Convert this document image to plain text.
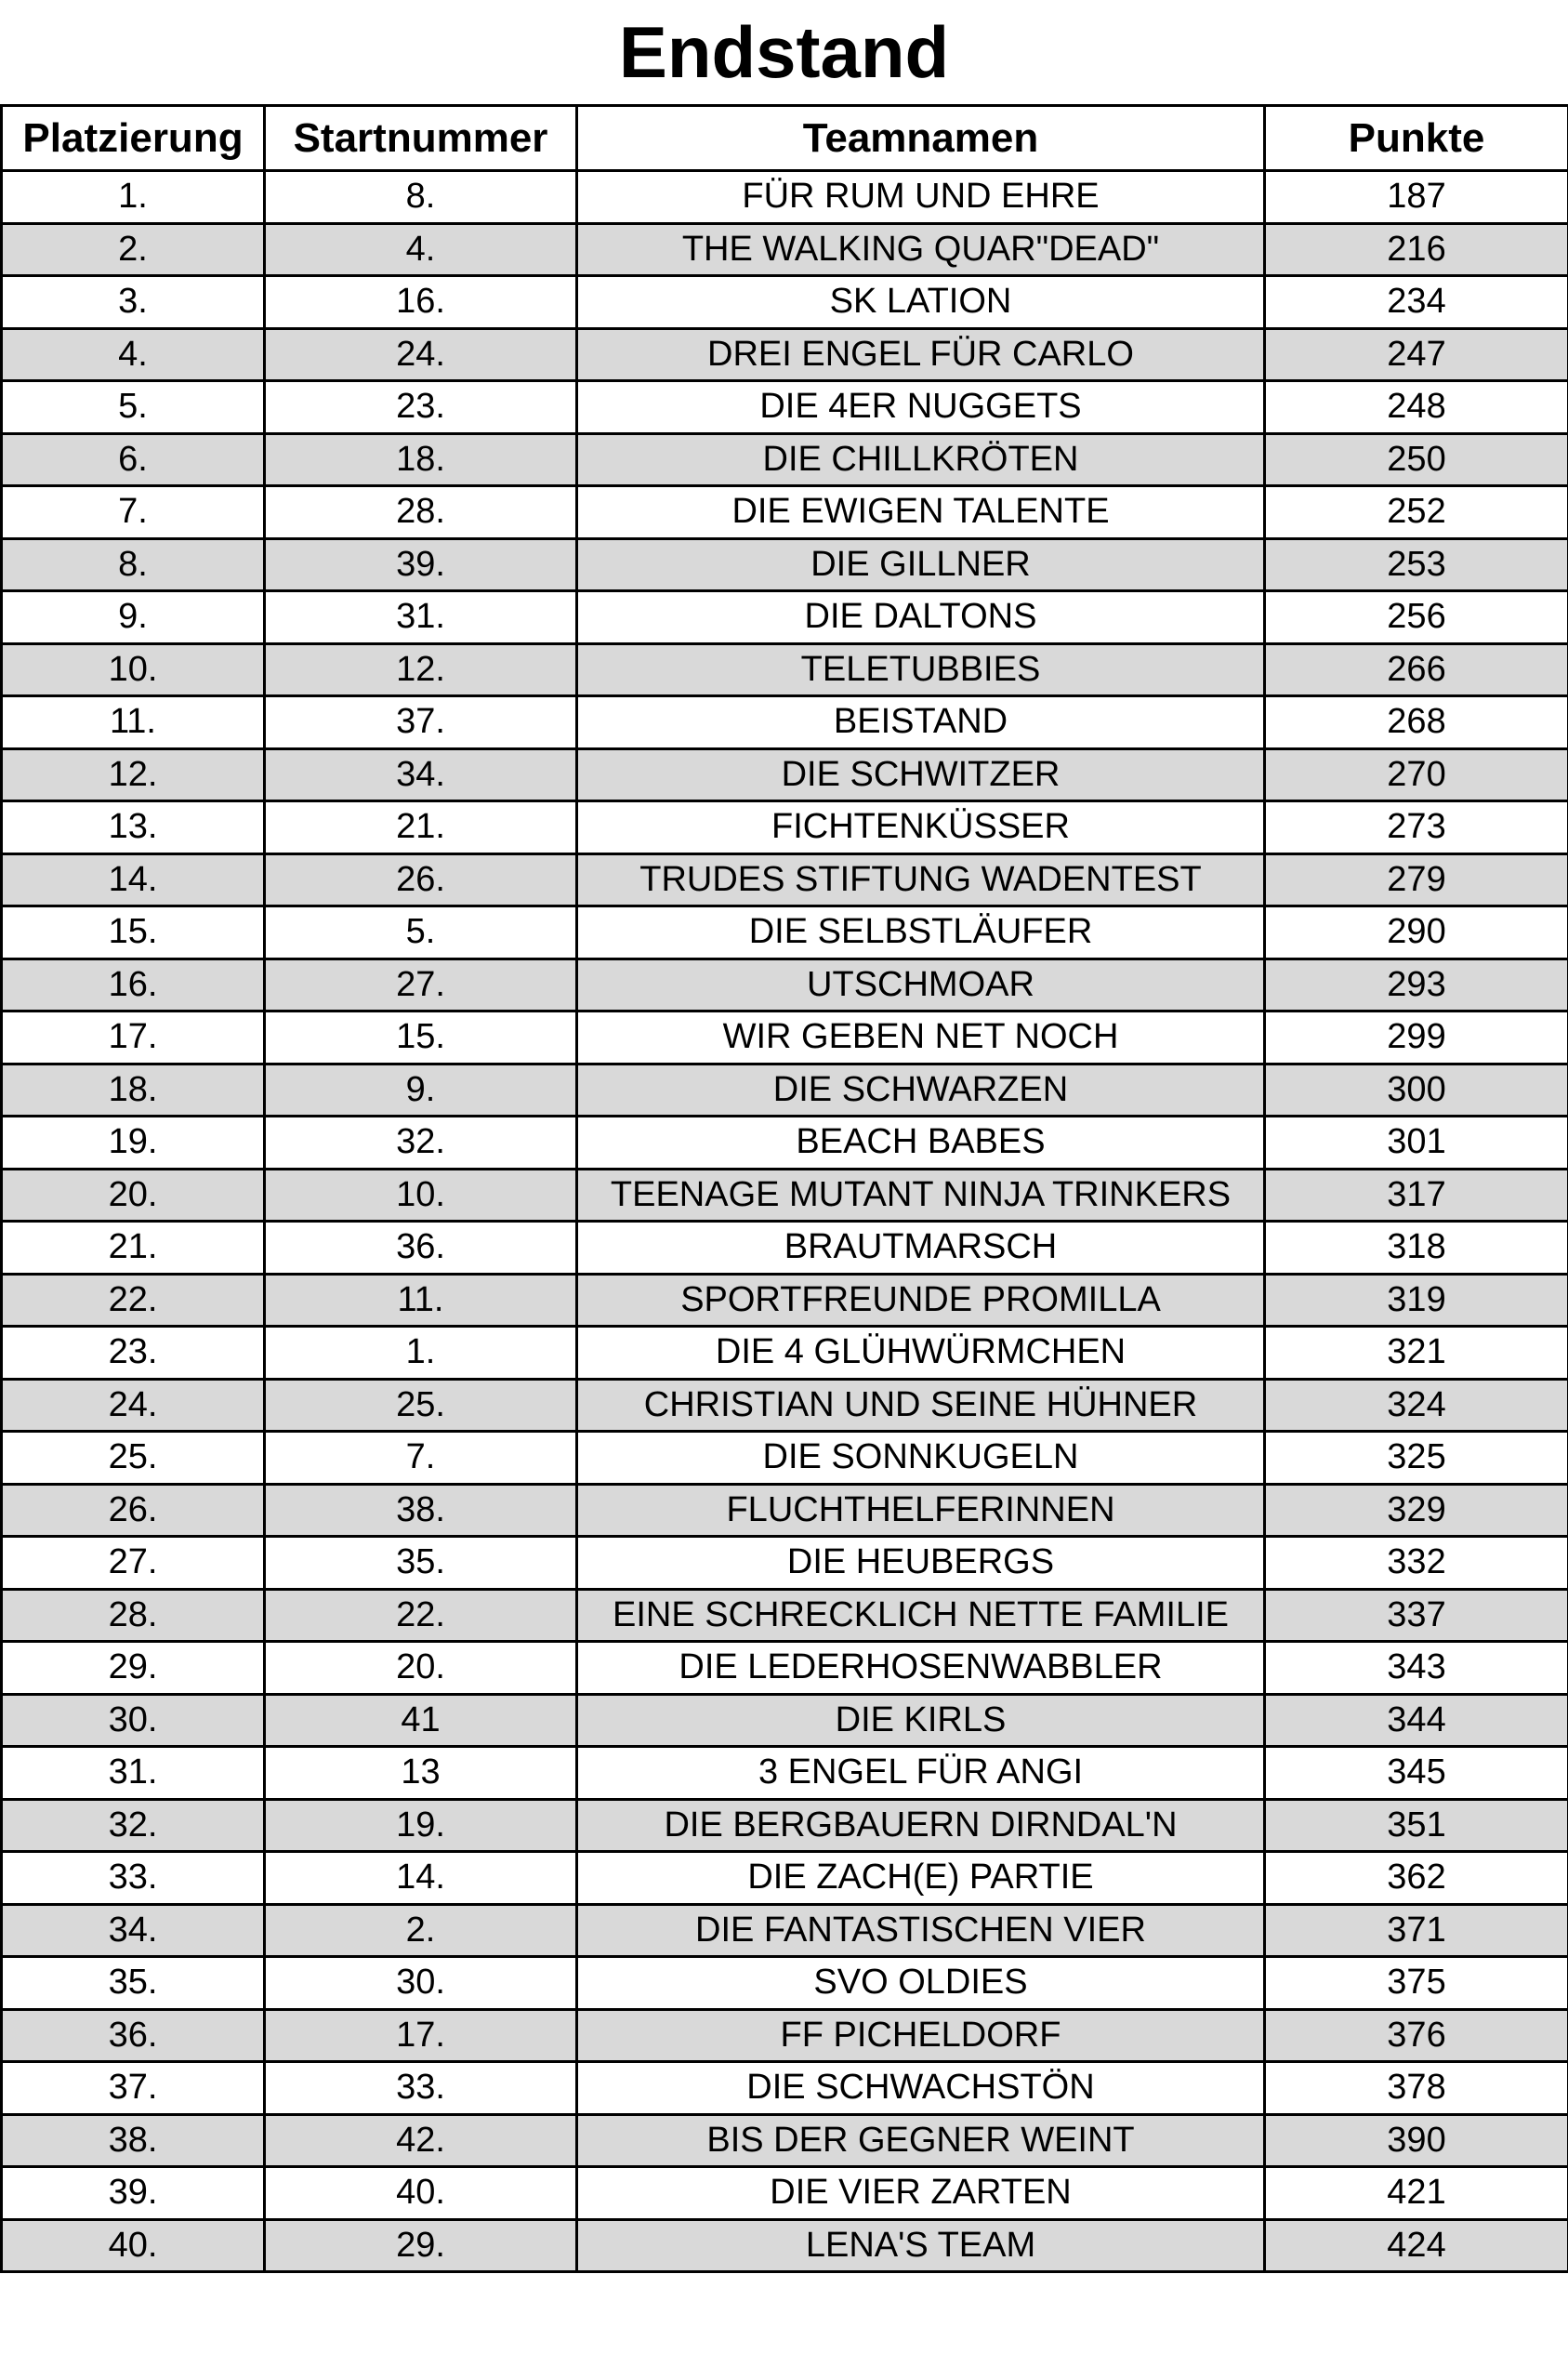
Endstand
Platzierung	Startnummer	Teamnamen	Punkte
1.	8.	FÜR RUM UND EHRE	187
2.	4.	THE WALKING QUAR"DEAD"	216
3.	16.	SK LATION	234
4.	24.	DREI ENGEL FÜR CARLO	247
5.	23.	DIE 4ER NUGGETS	248
6.	18.	DIE CHILLKRÖTEN	250
7.	28.	DIE EWIGEN TALENTE	252
8.	39.	DIE GILLNER	253
9.	31.	DIE DALTONS	256
10.	12.	TELETUBBIES	266
11.	37.	BEISTAND	268
12.	34.	DIE SCHWITZER	270
13.	21.	FICHTENKÜSSER	273
14.	26.	TRUDES STIFTUNG WADENTEST	279
15.	5.	DIE SELBSTLÄUFER	290
16.	27.	UTSCHMOAR	293
17.	15.	WIR GEBEN NET NOCH	299
18.	9.	DIE SCHWARZEN	300
19.	32.	BEACH BABES	301
20.	10.	TEENAGE MUTANT NINJA TRINKERS	317
21.	36.	BRAUTMARSCH	318
22.	11.	SPORTFREUNDE PROMILLA	319
23.	1.	DIE 4 GLÜHWÜRMCHEN	321
24.	25.	CHRISTIAN UND SEINE HÜHNER	324
25.	7.	DIE SONNKUGELN	325
26.	38.	FLUCHTHELFERINNEN	329
27.	35.	DIE HEUBERGS	332
28.	22.	EINE SCHRECKLICH NETTE FAMILIE	337
29.	20.	DIE LEDERHOSENWABBLER	343
30.	41	DIE KIRLS	344
31.	13	3 ENGEL FÜR ANGI	345
32.	19.	DIE BERGBAUERN DIRNDAL'N	351
33.	14.	DIE ZACH(E) PARTIE	362
34.	2.	DIE FANTASTISCHEN VIER	371
35.	30.	SVO OLDIES	375
36.	17.	FF PICHELDORF	376
37.	33.	DIE SCHWACHSTÖN	378
38.	42.	BIS DER GEGNER WEINT	390
39.	40.	DIE VIER ZARTEN	421
40.	29.	LENA'S TEAM	424
